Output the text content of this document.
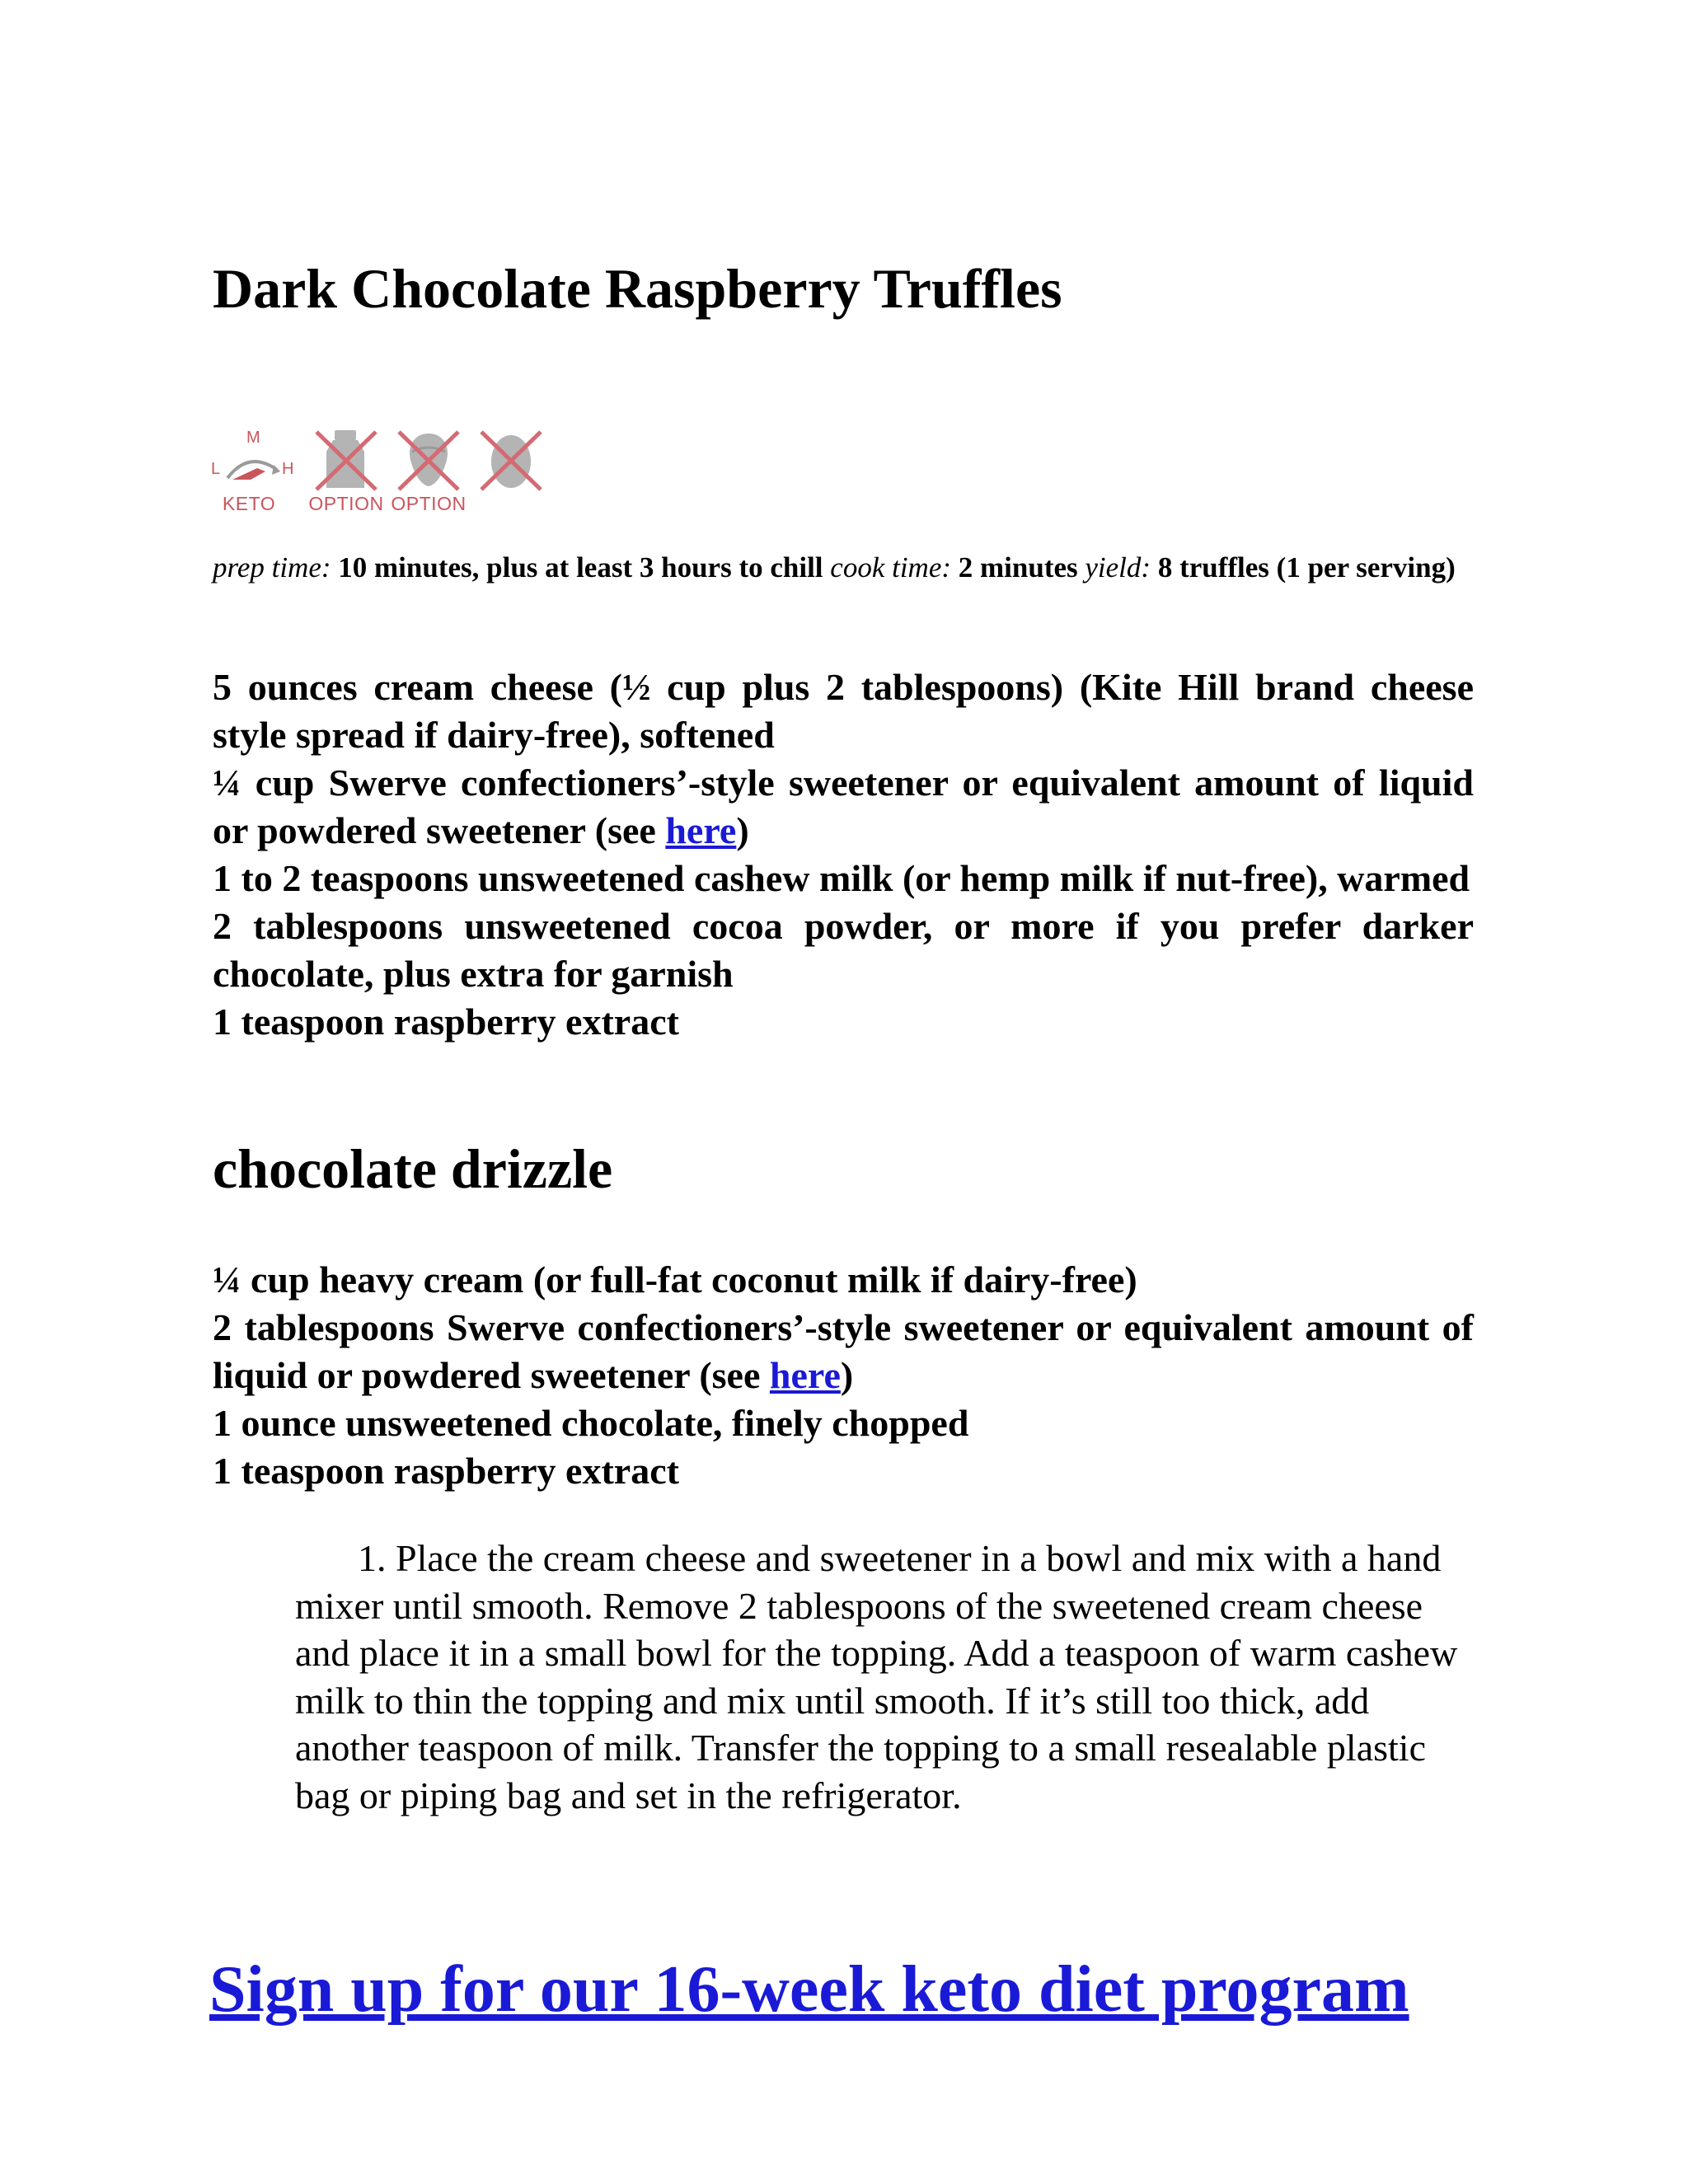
Dark Chocolate Raspberry Truffles
M
L	H
KETO	OPTION OPTION

prep time: 10 minutes, plus at least 3 hours to chill cook time: 2 minutes yield: 8 truffles (1 per serving)

5 ounces cream cheese (½ cup plus 2 tablespoons) (Kite Hill brand cheese style spread if dairy-free), softened
¼ cup Swerve confectioners’-style sweetener or equivalent amount of liquid or powdered sweetener (see here)
1 to 2 teaspoons unsweetened cashew milk (or hemp milk if nut-free), warmed
2 tablespoons unsweetened cocoa powder, or more if you prefer darker chocolate, plus extra for garnish
1 teaspoon raspberry extract
chocolate drizzle
¼ cup heavy cream (or full-fat coconut milk if dairy-free)
2 tablespoons Swerve confectioners’-style sweetener or equivalent amount of liquid or powdered sweetener (see here)
1 ounce unsweetened chocolate, finely chopped
1 teaspoon raspberry extract
1. Place the cream cheese and sweetener in a bowl and mix with a hand mixer until smooth. Remove 2 tablespoons of the sweetened cream cheese and place it in a small bowl for the topping. Add a teaspoon of warm cashew milk to thin the topping and mix until smooth. If it’s still too thick, add another teaspoon of milk. Transfer the topping to a small resealable plastic bag or piping bag and set in the refrigerator.
Sign up for our 16-week keto diet program
